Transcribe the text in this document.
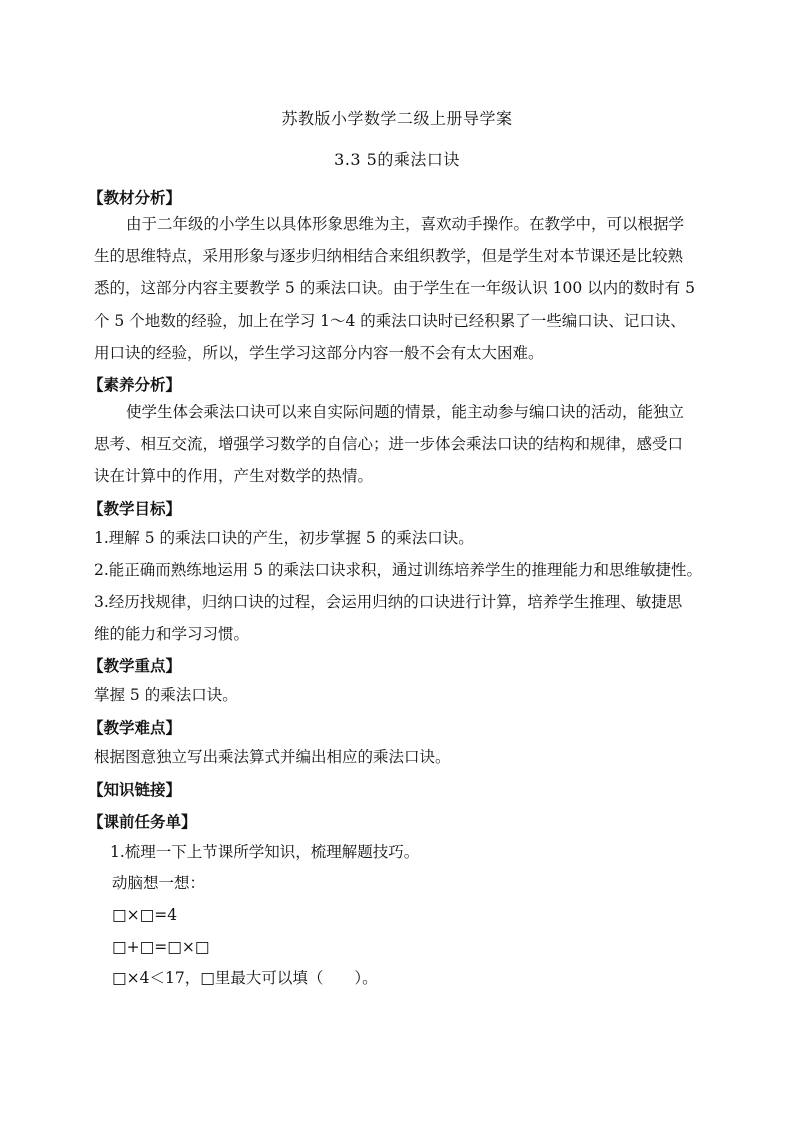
苏教版小学数学二级上册导学案
3.3 5的乘法口诀
【教材分析】
由于二年级的小学生以具体形象思维为主，喜欢动手操作。在教学中，可以根据学
生的思维特点，采用形象与逐步归纳相结合来组织教学，但是学生对本节课还是比较熟
悉的，这部分内容主要教学 5 的乘法口诀。由于学生在一年级认识 100 以内的数时有 5
个 5 个地数的经验，加上在学习 1～4 的乘法口诀时已经积累了一些编口诀、记口诀、
用口诀的经验，所以，学生学习这部分内容一般不会有太大困难。
【素养分析】
使学生体会乘法口诀可以来自实际问题的情景，能主动参与编口诀的活动，能独立
思考、相互交流，增强学习数学的自信心；进一步体会乘法口诀的结构和规律，感受口
诀在计算中的作用，产生对数学的热情。
【教学目标】
1.理解 5 的乘法口诀的产生，初步掌握 5 的乘法口诀。
2.能正确而熟练地运用 5 的乘法口诀求积，通过训练培养学生的推理能力和思维敏捷性。
3.经历找规律，归纳口诀的过程，会运用归纳的口诀进行计算，培养学生推理、敏捷思
维的能力和学习习惯。
【教学重点】
掌握 5 的乘法口诀。
【教学难点】
根据图意独立写出乘法算式并编出相应的乘法口诀。
【知识链接】
【课前任务单】
1.梳理一下上节课所学知识，梳理解题技巧。
动脑想一想：
□×□=4
□+□=□×□
□×4＜17，□里最大可以填（　　）。
